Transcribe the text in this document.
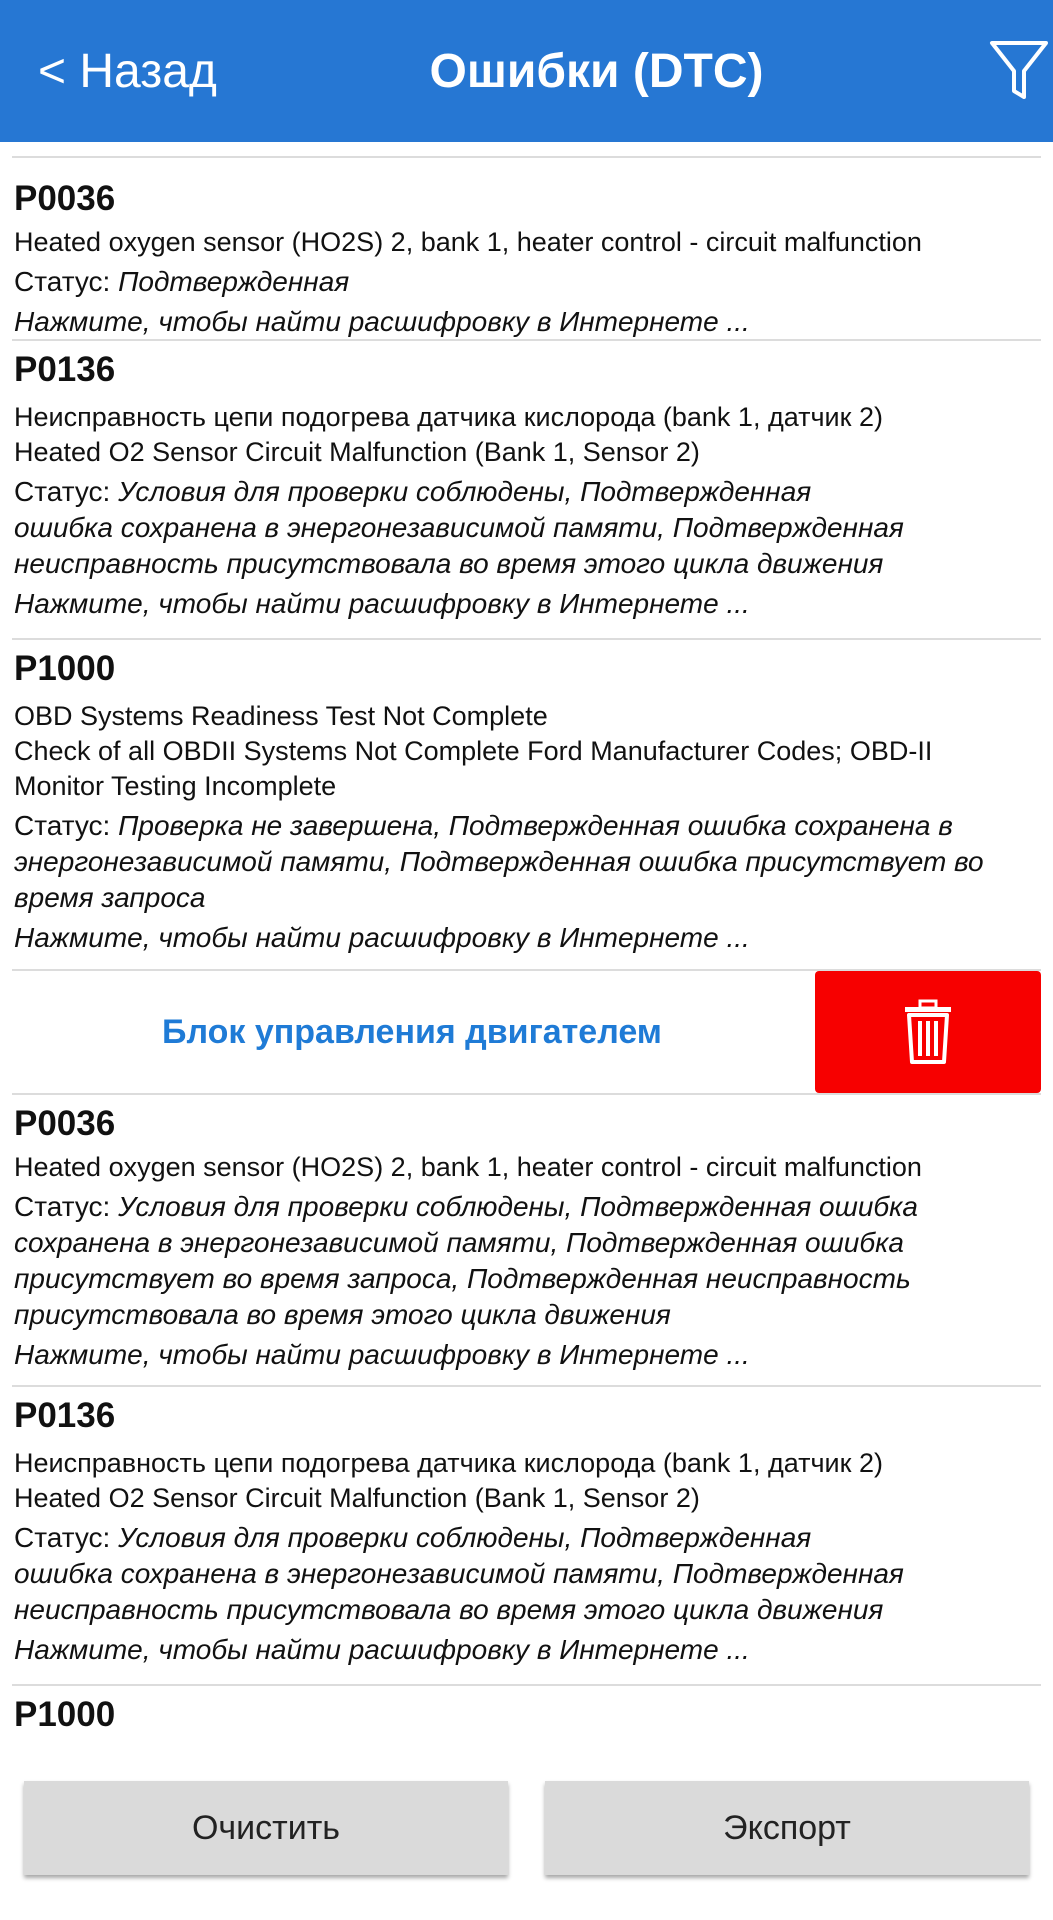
< Назад	Ошибки (DTC)
P0036
Heated oxygen sensor (HO2S) 2, bank 1, heater control - circuit malfunction
Статус: Подтвержденная
Нажмите, чтобы найти расшифровку в Интернете ...
P0136
Неисправность цепи подогрева датчика кислорода (bank 1, датчик 2)
Heated O2 Sensor Circuit Malfunction (Bank 1, Sensor 2)
Статус: Условия для проверки соблюдены, Подтвержденная
ошибка сохранена в энергонезависимой памяти, Подтвержденная
неисправность присутствовала во время этого цикла движения
Нажмите, чтобы найти расшифровку в Интернете ...
P1000
OBD Systems Readiness Test Not Complete
Check of all OBDII Systems Not Complete Ford Manufacturer Codes; OBD-II
Monitor Testing Incomplete
Статус: Проверка не завершена, Подтвержденная ошибка сохранена в
энергонезависимой памяти, Подтвержденная ошибка присутствует во
время запроса
Нажмите, чтобы найти расшифровку в Интернете ...
Блок управления двигателем
P0036
Heated oxygen sensor (HO2S) 2, bank 1, heater control - circuit malfunction
Статус: Условия для проверки соблюдены, Подтвержденная ошибка
сохранена в энергонезависимой памяти, Подтвержденная ошибка
присутствует во время запроса, Подтвержденная неисправность
присутствовала во время этого цикла движения
Нажмите, чтобы найти расшифровку в Интернете ...
P0136
Неисправность цепи подогрева датчика кислорода (bank 1, датчик 2)
Heated O2 Sensor Circuit Malfunction (Bank 1, Sensor 2)
Статус: Условия для проверки соблюдены, Подтвержденная
ошибка сохранена в энергонезависимой памяти, Подтвержденная
неисправность присутствовала во время этого цикла движения
Нажмите, чтобы найти расшифровку в Интернете ...
P1000
Очистить	Экспорт
